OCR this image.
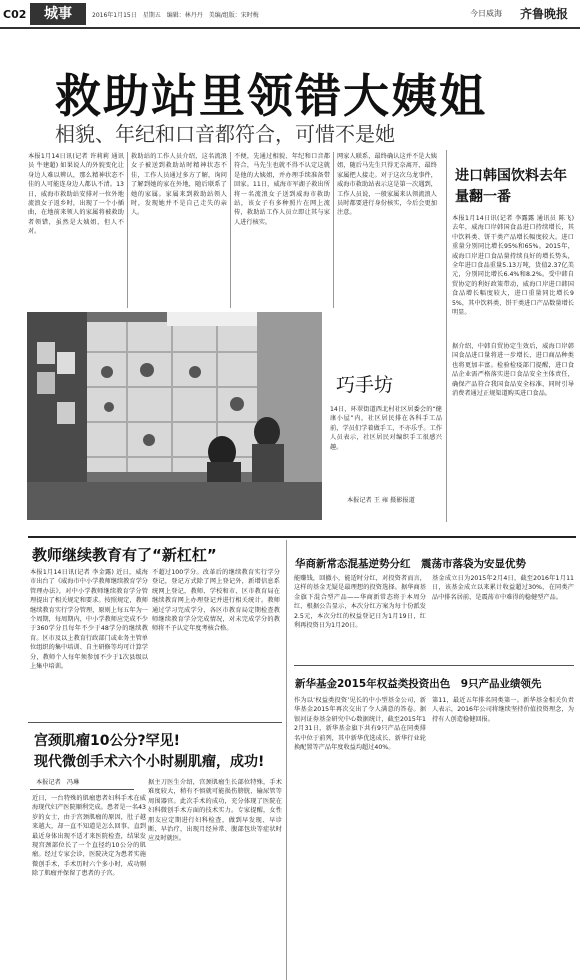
C02	城事	2016年1月15日　星期五　编辑：林丹丹　美编/组版：宋时梅	今日威海 齐鲁晚报
救助站里领错大姨姐
相貌、年纪和口音都符合，可惜不是她
本报1月14日讯(记者 许莉莉 通讯员 牛建超) 如果说人的外貌变化让身边人难以辨认，那么精神状态不佳的人可能连身边人都认不清。13日，威海市救助站安排对一位外地流浪女子返乡时，出现了一个小插曲，在地前来领人的家属将被救助者领错，虽然是大姨姐，但人不对。
救助站的工作人员介绍，这名流浪女子被送到救助站时精神状态不佳，工作人员通过多方了解，询问了解到她的家在外地，随后联系了她的家属。家属来到救助站领人时，发现她并不是自己走失的亲人。
不便，先通过相貌、年纪和口音都符合，马先生也就不得不认定这就是他的大姨姐，并办理手续准备带回家。11日，威海市军湖子救出所将一名流浪女子送到威海市救助站，该女子有多种照片在网上流传，救助站工作人员立即让其与家人进行核实。
网家人联系，最终确认这并不是大姨姐，随后马先生只得无奈离开，最终家属把人接走。对于这次乌龙事件，威海市救助站表示这是第一次遇到，工作人员说，一般家属来认领流浪人员时都要进行身份核实，今后会更加注意。
进口韩国饮料去年量翻一番
本报1月14日讯(记者 李露露 通讯员 陈飞) 去年，威海口岸韩国食品进口持续增长，其中饮料类、饼干类产品增长幅度较大。进口重量分别同比增长95%和65%。2015年，威海口岸进口食品量持续良好的增长势头，全年进口食品重量5.13万吨，货值2.37亿美元，分别同比增长6.4%和8.2%。受中韩自贸协定的利好政策带动，威海口岸进口韩国食品增长幅度较大，进口重量同比增长95%，其中饮料类、饼干类进口产品数量增长明显。
据介绍，中韩自贸协定生效后，威海口岸韩国食品进口量将进一步增长，进口商品种类也将更加丰富。检验检疫部门提醒，进口食品企业需严格落实进口食品安全主体责任，确保产品符合我国食品安全标准，同时引导消费者通过正规渠道购买进口食品。
巧手坊
14日，环翠街道西北村社区居委会的“健康小屋”内，社区居民排在各科手工品前，学员们学着做手工，不亦乐乎。工作人员表示，社区居民对编织手工很感兴趣。
本报记者 王 雍 摄影报道
教师继续教育有了“新杠杠”
本报1月14日讯(记者 李金露) 近日，威海市出台了《威海市中小学教师继续教育学分管理办法》，对中小学教师继续教育学分管理提出了相关规定和要求。按照规定，教师继续教育实行学分管理，原则上每五年为一个周期，每周期内，中小学教师应完成不少于360学分且每年不少于48学分的继续教育。区市及以上教育行政部门或业务主管单位组织的集中培训、自主研修等均可计算学分，教师个人每年须参加不少于1次县级以上集中培训。
不超过100学分。改革后的继续教育实行学分登记，登记方式除了网上登记外，新增信息系统网上登记，教师、学校和市、区市教育局在继续教育网上办理登记并进行相关统计。教师通过学习完成学分，各区市教育局定期检查教师继续教育学分完成情况，对未完成学分的教师将不予认定年度考核合格。
华商新常态混基逆势分红　震荡市落袋为安显优势
能赚钱，回撤小，能适时分红，对投资者而言，这样的基金无疑是最理想的投资选择。据华商基金旗下混合型产品——华商新常态将于本周分红，根据公告显示，本次分红方案为每十份派发2.5元，本次分红的权益登记日为1月19日，红利再投资日为1月20日。
基金成立日为2015年2月4日，截至2016年1月11日，该基金成立以来累计收益超过30%，在同类产品中排名居前，是震荡市中难得的稳健型产品。
新华基金2015年权益类投资出色　9只产品业绩领先
作为以‘权益类投资’见长的中小型基金公司，新华基金2015年再次交出了令人满意的答卷。据银河证券基金研究中心数据统计，截至2015年12月31日，新华基金旗下共有9只产品在同类排名中位于前列，其中新华优选成长、新华行业轮换配置等产品年度收益均超过40%。
第11，最近五年排名同类第一。新华基金相关负责人表示，2016年公司将继续坚持价值投资理念，为持有人创造稳健回报。
宫颈肌瘤10公分?罕见!
现代微创手术六个小时剔肌瘤，成功!
本报记者　冯琳
近日，一台特殊的肌瘤患者妇科手术在威海现代妇产医院顺利完成。患者是一名43岁的女士，由于宫颈肌瘤的原因，肚子越来越大，却一直不知道是怎么回事，直到最近身体出现不适才来医院检查，结果发现宫颈部位长了一个直径约10公分的肌瘤。经过专家会诊，医院决定为患者实施微创手术，手术历时六个多小时，成功剔除了肌瘤并保留了患者的子宫。
据主刀医生介绍，宫颈肌瘤生长部位特殊，手术难度较大，稍有不慎就可能损伤膀胱、输尿管等周围器官。此次手术的成功，充分体现了医院在妇科微创手术方面的技术实力。专家提醒，女性朋友应定期进行妇科检查，做到早发现、早诊断、早治疗，出现月经异常、腹部包块等症状时应及时就医。
